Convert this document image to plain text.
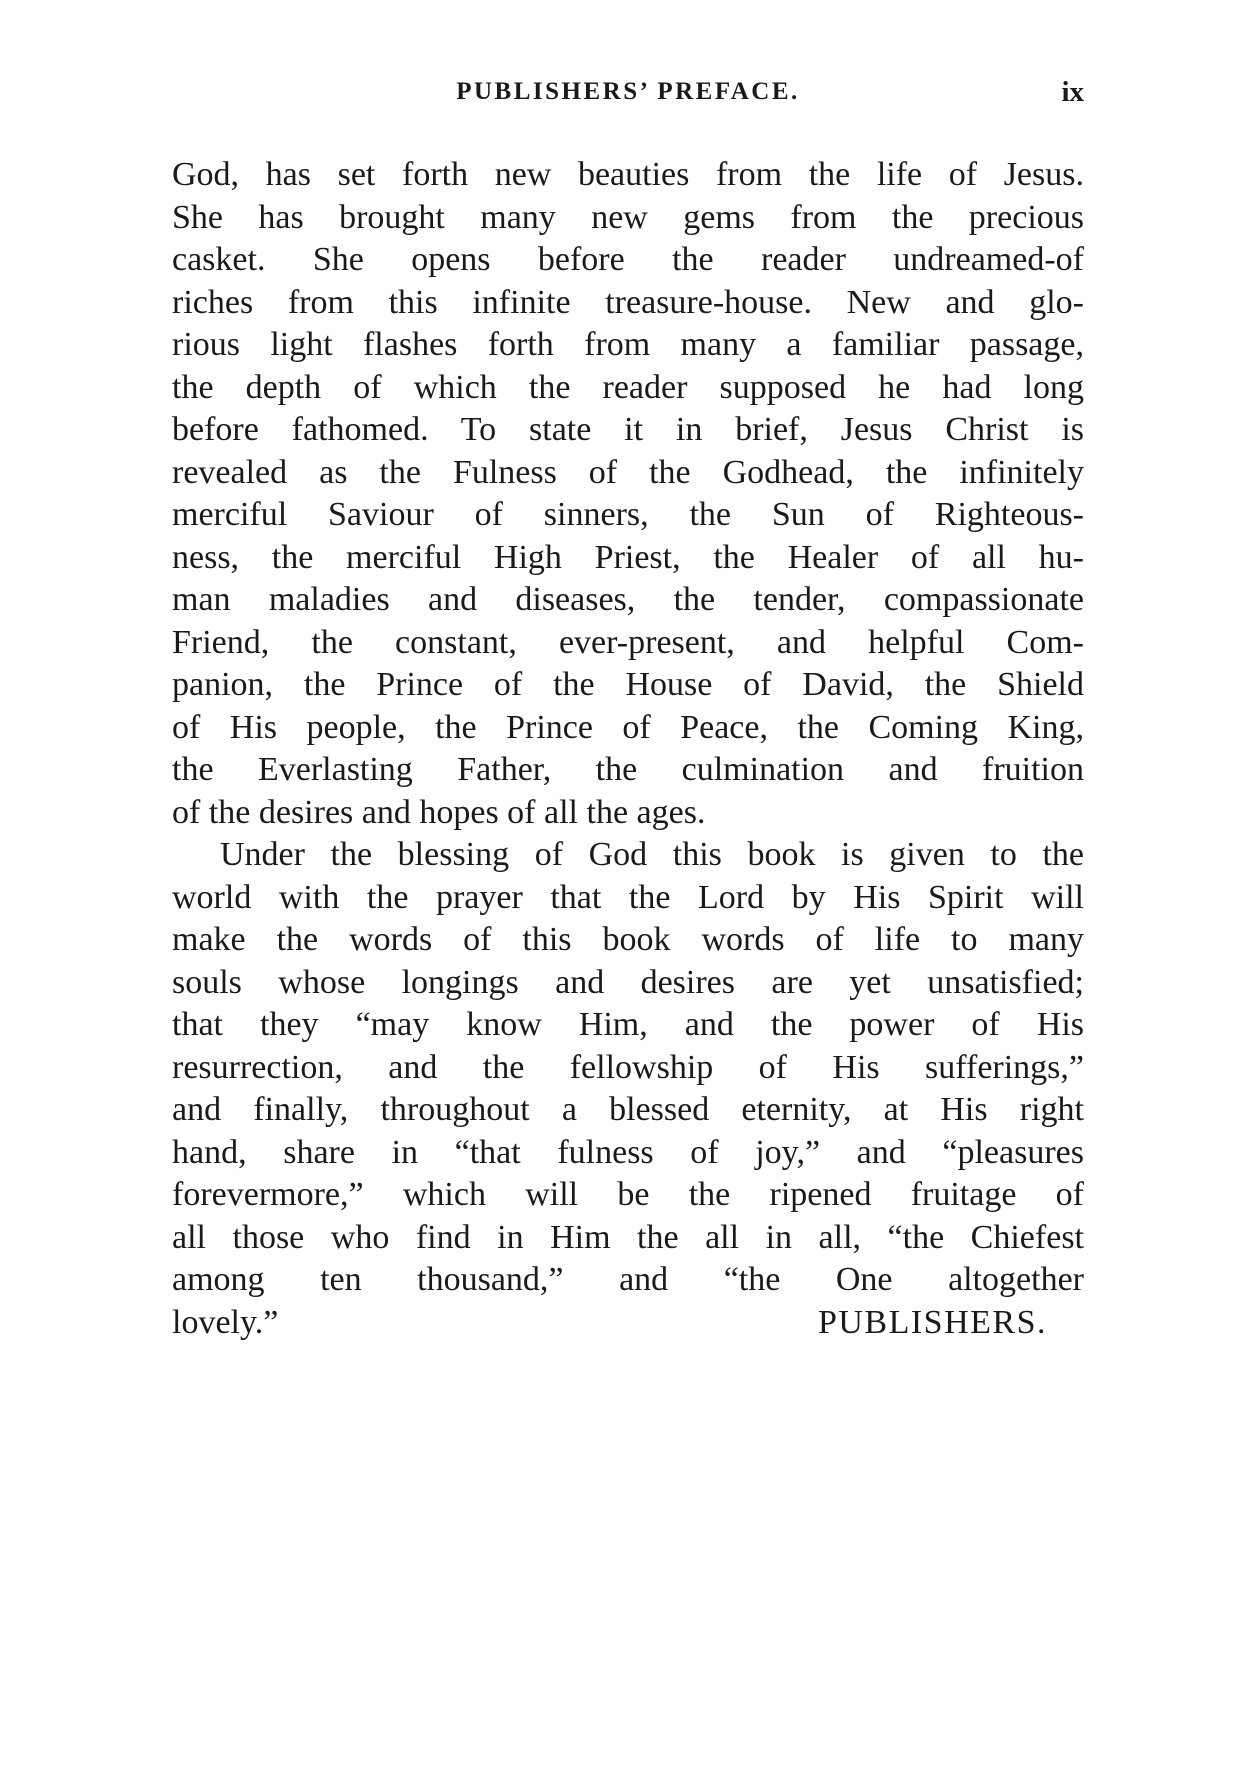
PUBLISHERS’ PREFACE.	ix
God, has set forth new beauties from the life of Jesus.
She has brought many new gems from the precious
casket. She opens before the reader undreamed-of
riches from this infinite treasure-house. New and glo-
rious light flashes forth from many a familiar passage,
the depth of which the reader supposed he had long
before fathomed. To state it in brief, Jesus Christ is
revealed as the Fulness of the Godhead, the infinitely
merciful Saviour of sinners, the Sun of Righteous-
ness, the merciful High Priest, the Healer of all hu-
man maladies and diseases, the tender, compassionate
Friend, the constant, ever-present, and helpful Com-
panion, the Prince of the House of David, the Shield
of His people, the Prince of Peace, the Coming King,
the Everlasting Father, the culmination and fruition
of the desires and hopes of all the ages.
Under the blessing of God this book is given to the
world with the prayer that the Lord by His Spirit will
make the words of this book words of life to many
souls whose longings and desires are yet unsatisfied;
that they “may know Him, and the power of His
resurrection, and the fellowship of His sufferings,”
and finally, throughout a blessed eternity, at His right
hand, share in “that fulness of joy,” and “pleasures
forevermore,” which will be the ripened fruitage of
all those who find in Him the all in all, “the Chiefest
among ten thousand,” and “the One altogether
lovely.”	PUBLISHERS.
